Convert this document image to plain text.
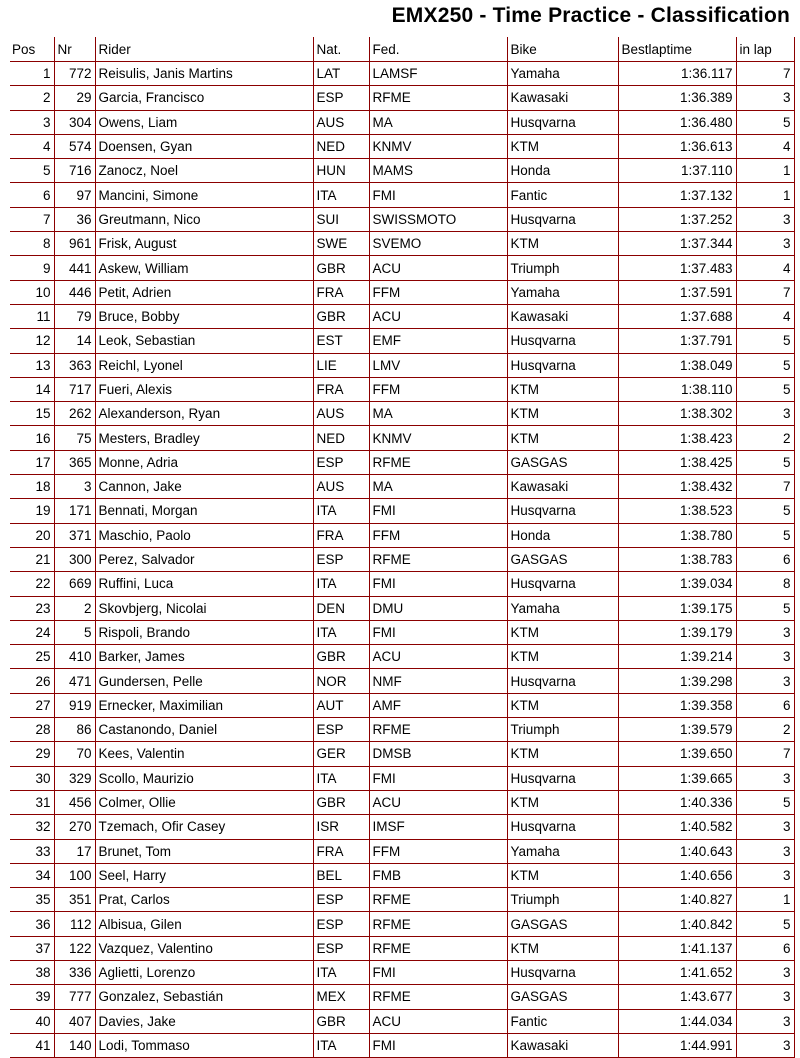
EMX250 - Time Practice - Classification
Pos	Nr	Rider	Nat.	Fed.	Bike	Bestlaptime	in lap
1	772	Reisulis, Janis Martins	LAT	LAMSF	Yamaha	1:36.117	7
2	29	Garcia, Francisco	ESP	RFME	Kawasaki	1:36.389	3
3	304	Owens, Liam	AUS	MA	Husqvarna	1:36.480	5
4	574	Doensen, Gyan	NED	KNMV	KTM	1:36.613	4
5	716	Zanocz, Noel	HUN	MAMS	Honda	1:37.110	1
6	97	Mancini, Simone	ITA	FMI	Fantic	1:37.132	1
7	36	Greutmann, Nico	SUI	SWISSMOTO	Husqvarna	1:37.252	3
8	961	Frisk, August	SWE	SVEMO	KTM	1:37.344	3
9	441	Askew, William	GBR	ACU	Triumph	1:37.483	4
10	446	Petit, Adrien	FRA	FFM	Yamaha	1:37.591	7
11	79	Bruce, Bobby	GBR	ACU	Kawasaki	1:37.688	4
12	14	Leok, Sebastian	EST	EMF	Husqvarna	1:37.791	5
13	363	Reichl, Lyonel	LIE	LMV	Husqvarna	1:38.049	5
14	717	Fueri, Alexis	FRA	FFM	KTM	1:38.110	5
15	262	Alexanderson, Ryan	AUS	MA	KTM	1:38.302	3
16	75	Mesters, Bradley	NED	KNMV	KTM	1:38.423	2
17	365	Monne, Adria	ESP	RFME	GASGAS	1:38.425	5
18	3	Cannon, Jake	AUS	MA	Kawasaki	1:38.432	7
19	171	Bennati, Morgan	ITA	FMI	Husqvarna	1:38.523	5
20	371	Maschio, Paolo	FRA	FFM	Honda	1:38.780	5
21	300	Perez, Salvador	ESP	RFME	GASGAS	1:38.783	6
22	669	Ruffini, Luca	ITA	FMI	Husqvarna	1:39.034	8
23	2	Skovbjerg, Nicolai	DEN	DMU	Yamaha	1:39.175	5
24	5	Rispoli, Brando	ITA	FMI	KTM	1:39.179	3
25	410	Barker, James	GBR	ACU	KTM	1:39.214	3
26	471	Gundersen, Pelle	NOR	NMF	Husqvarna	1:39.298	3
27	919	Ernecker, Maximilian	AUT	AMF	KTM	1:39.358	6
28	86	Castanondo, Daniel	ESP	RFME	Triumph	1:39.579	2
29	70	Kees, Valentin	GER	DMSB	KTM	1:39.650	7
30	329	Scollo, Maurizio	ITA	FMI	Husqvarna	1:39.665	3
31	456	Colmer, Ollie	GBR	ACU	KTM	1:40.336	5
32	270	Tzemach, Ofir Casey	ISR	IMSF	Husqvarna	1:40.582	3
33	17	Brunet, Tom	FRA	FFM	Yamaha	1:40.643	3
34	100	Seel, Harry	BEL	FMB	KTM	1:40.656	3
35	351	Prat, Carlos	ESP	RFME	Triumph	1:40.827	1
36	112	Albisua, Gilen	ESP	RFME	GASGAS	1:40.842	5
37	122	Vazquez, Valentino	ESP	RFME	KTM	1:41.137	6
38	336	Aglietti, Lorenzo	ITA	FMI	Husqvarna	1:41.652	3
39	777	Gonzalez, Sebastián	MEX	RFME	GASGAS	1:43.677	3
40	407	Davies, Jake	GBR	ACU	Fantic	1:44.034	3
41	140	Lodi, Tommaso	ITA	FMI	Kawasaki	1:44.991	3
